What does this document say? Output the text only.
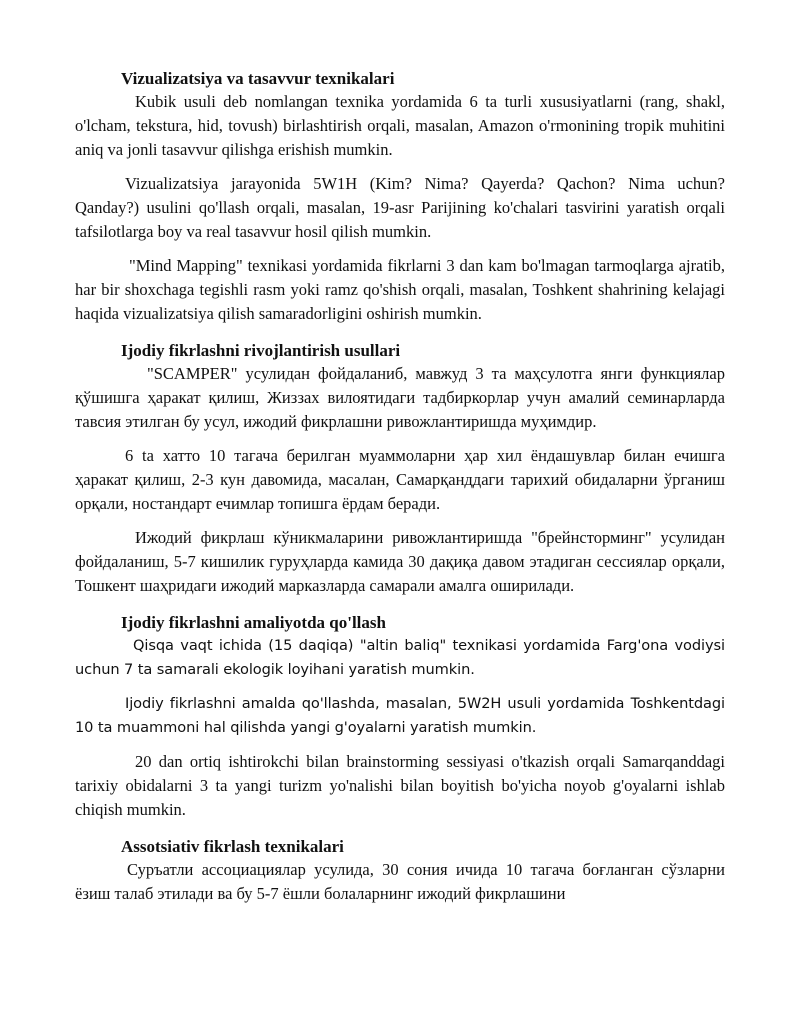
Vizualizatsiya va tasavvur texnikalari

Kubik usuli deb nomlangan texnika yordamida 6 ta turli xususiyatlarni (rang, shakl, o'lcham, tekstura, hid, tovush) birlashtirish orqali, masalan, Amazon o'rmonining tropik muhitini aniq va jonli tasavvur qilishga erishish mumkin.

Vizualizatsiya jarayonida 5W1H (Kim? Nima? Qayerda? Qachon? Nima uchun? Qanday?) usulini qo'llash orqali, masalan, 19-asr Parijining ko'chalari tasvirini yaratish orqali tafsilotlarga boy va real tasavvur hosil qilish mumkin.

"Mind Mapping" texnikasi yordamida fikrlarni 3 dan kam bo'lmagan tarmoqlarga ajratib, har bir shoxchaga tegishli rasm yoki ramz qo'shish orqali, masalan, Toshkent shahrining kelajagi haqida vizualizatsiya qilish samaradorligini oshirish mumkin.

Ijodiy fikrlashni rivojlantirish usullari

"SCAMPER" усулидан фойдаланиб, мавжуд 3 та маҳсулотга янги функциялар қўшишга ҳаракат қилиш, Жиззах вилоятидаги тадбиркорлар учун амалий семинарларда тавсия этилган бу усул, ижодий фикрлашни ривожлантиришда муҳимдир.

6 ta хатто 10 тагача берилган муаммоларни ҳар хил ёндашувлар билан ечишга ҳаракат қилиш, 2-3 кун давомида, масалан, Самарқанддаги тарихий обидаларни ўрганиш орқали, ностандарт ечимлар топишга ёрдам беради.

Ижодий фикрлаш кўникмаларини ривожлантиришда "брейнсторминг" усулидан фойдаланиш, 5-7 кишилик гуруҳларда камида 30 дақиқа давом этадиган сессиялар орқали, Тошкент шаҳридаги ижодий марказларда самарали амалга оширилади.

Ijodiy fikrlashni amaliyotda qo'llash

Qisqa vaqt ichida (15 daqiqa) "altin baliq" texnikasi yordamida Farg'ona vodiysi uchun 7 ta samarali ekologik loyihani yaratish mumkin.

Ijodiy fikrlashni amalda qo'llashda, masalan, 5W2H usuli yordamida Toshkentdagi 10 ta muammoni hal qilishda yangi g'oyalarni yaratish mumkin.

20 dan ortiq ishtirokchi bilan brainstorming sessiyasi o'tkazish orqali Samarqanddagi tarixiy obidalarni 3 ta yangi turizm yo'nalishi bilan boyitish bo'yicha noyob g'oyalarni ishlab chiqish mumkin.

Assotsiativ fikrlash texnikalari

Суръатли ассоциациялар усулида, 30 сония ичида 10 тагача боғланган сўзларни ёзиш талаб этилади ва бу 5-7 ёшли болаларнинг ижодий фикрлашини
